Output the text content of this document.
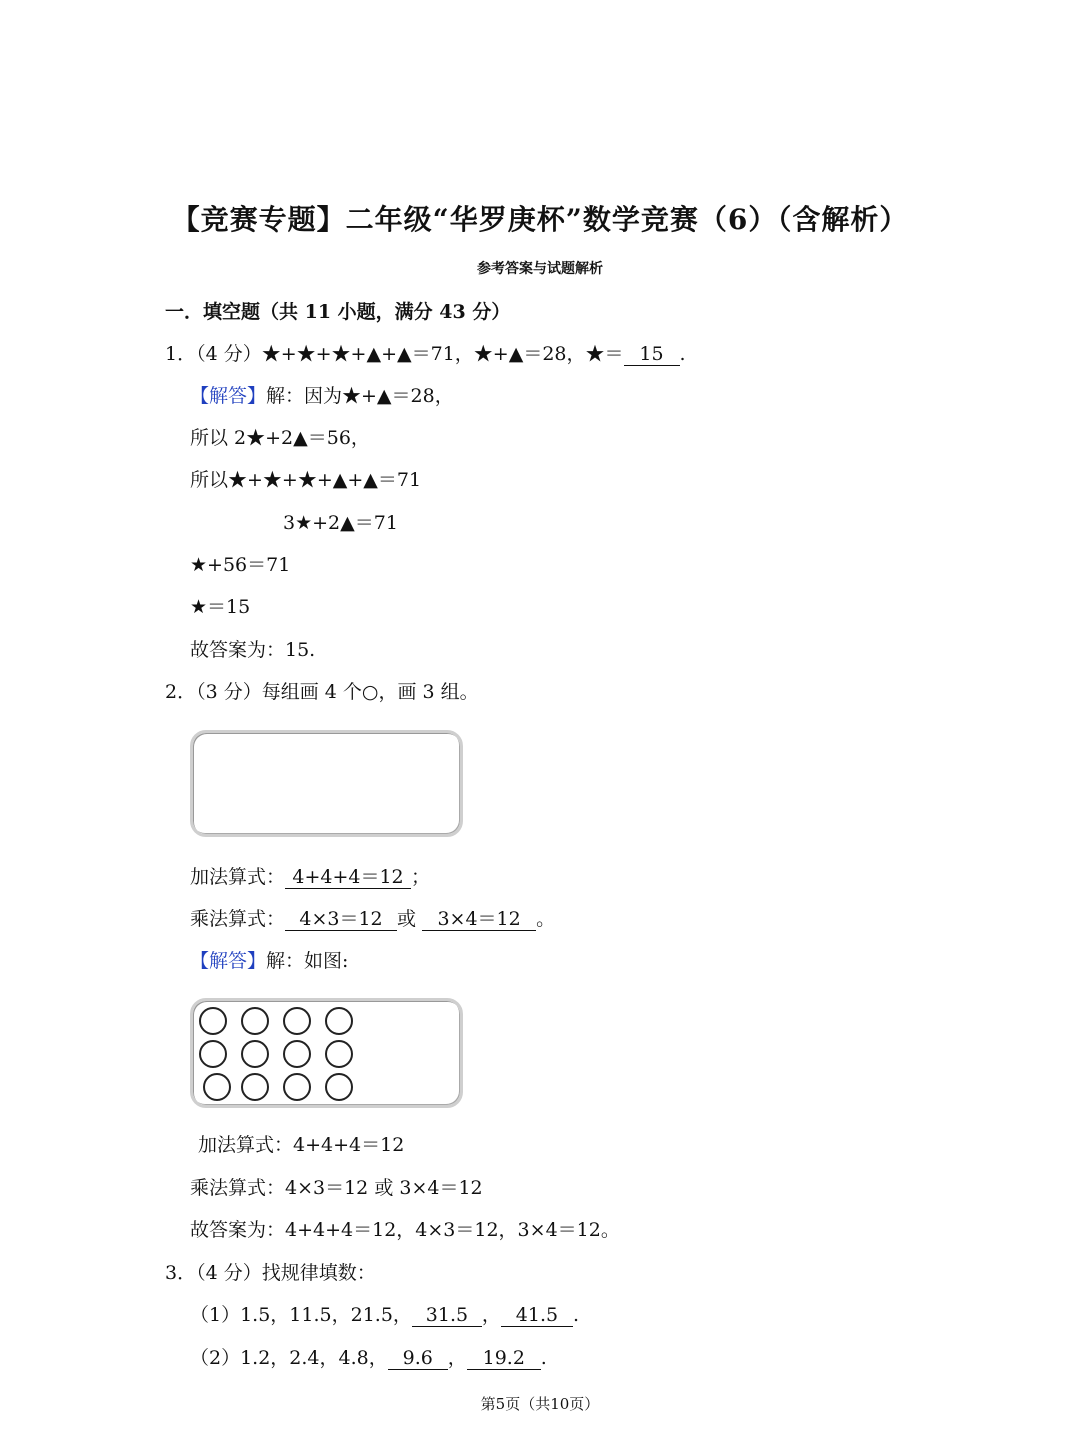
【竞赛专题】二年级“华罗庚杯”数学竞赛（6）（含解析）
参考答案与试题解析
一．填空题（共 11 小题，满分 43 分）
1．（4 分）★+★+★+▲+▲＝71，★+▲＝28，★＝ 15 .
【解答】解：因为★+▲＝28，
所以 2★+2▲＝56，
所以★+★+★+▲+▲＝71
3★+2▲＝71
★+56＝71
★＝15
故答案为：15.
2．（3 分）每组画 4 个○，画 3 组。
加法算式： 4+4+4＝12 ；
乘法算式： 4×3＝12 或 3×4＝12 。
【解答】解：如图:
加法算式：4+4+4＝12
乘法算式：4×3＝12 或 3×4＝12
故答案为：4+4+4＝12，4×3＝12，3×4＝12。
3．（4 分）找规律填数：
（1）1.5，11.5，21.5， 31.5 ， 41.5 .
（2）1.2，2.4，4.8， 9.6 ， 19.2 .
第5页（共10页）
